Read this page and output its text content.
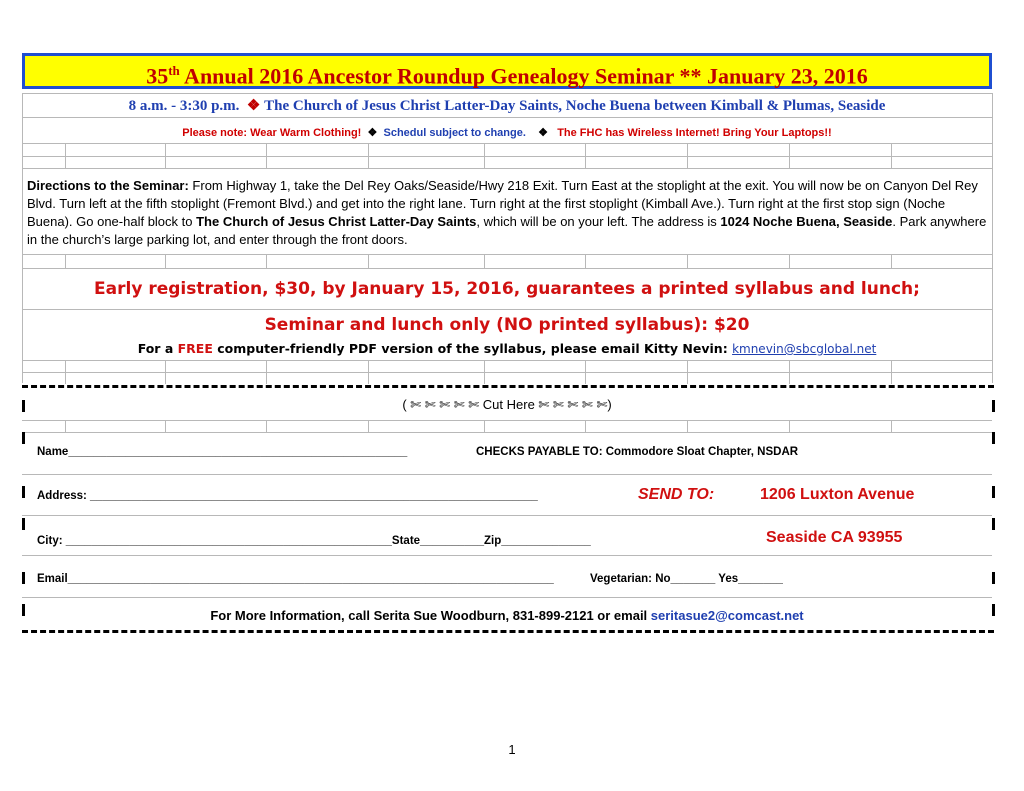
35th Annual 2016 Ancestor Roundup Genealogy Seminar ** January 23, 2016
8 a.m. - 3:30 p.m. ❖ The Church of Jesus Christ Latter-Day Saints, Noche Buena between Kimball & Plumas, Seaside
Please note: Wear Warm Clothing! ❖ Schedul subject to change. ❖ The FHC has Wireless Internet! Bring Your Laptops!!
Directions to the Seminar: From Highway 1, take the Del Rey Oaks/Seaside/Hwy 218 Exit. Turn East at the stoplight at the exit. You will now be on Canyon Del Rey Blvd. Turn left at the fifth stoplight (Fremont Blvd.) and get into the right lane. Turn right at the first stoplight (Kimball Ave.). Turn right at the first stop sign (Noche Buena). Go one-half block to The Church of Jesus Christ Latter-Day Saints, which will be on your left. The address is 1024 Noche Buena, Seaside. Park anywhere in the church’s large parking lot, and enter through the front doors.
Early registration, $30, by January 15, 2016, guarantees a printed syllabus and lunch;
Seminar and lunch only (NO printed syllabus): $20
For a FREE computer-friendly PDF version of the syllabus, please email Kitty Nevin: kmnevin@sbcglobal.net
( ✄ ✄ ✄ ✄ ✄ Cut Here ✄ ✄ ✄ ✄ ✄)
Name_____________________________________________________	CHECKS PAYABLE TO: Commodore Sloat Chapter, NSDAR
Address: ______________________________________________________________________	SEND TO:	1206 Luxton Avenue
City: ___________________________________________________State__________Zip______________	Seaside CA 93955
Email____________________________________________________________________________	Vegetarian: No_______ Yes_______
For More Information, call Serita Sue Woodburn, 831-899-2121 or email seritasue2@comcast.net
1
